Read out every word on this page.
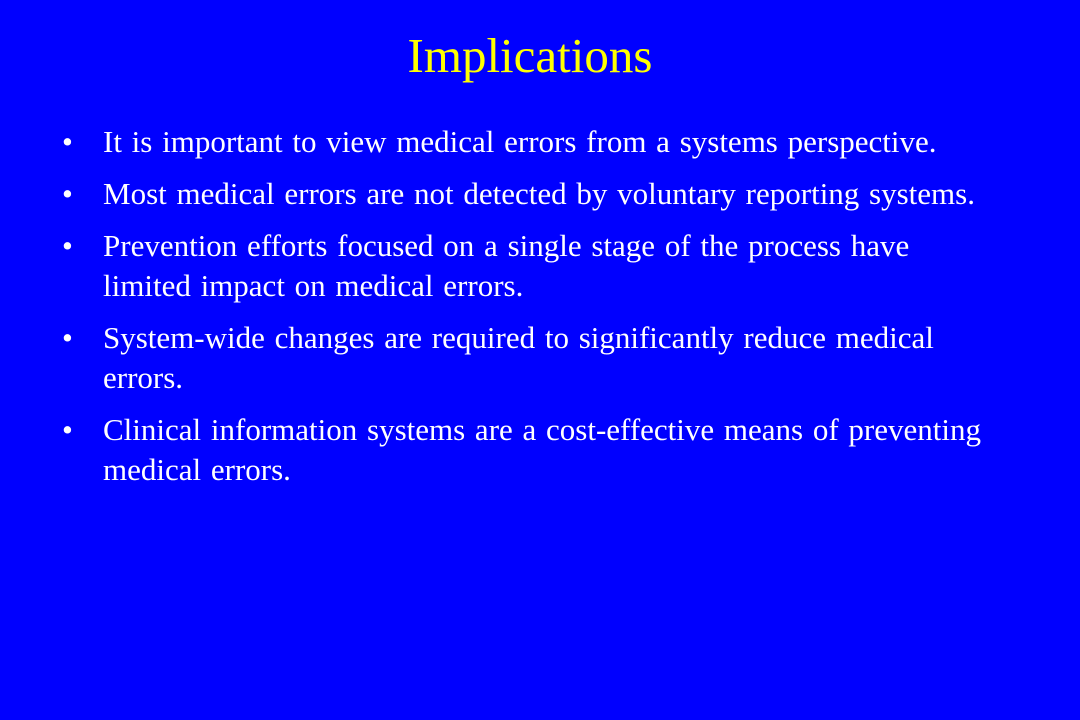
Implications
• It is important to view medical errors from a systems perspective.
• Most medical errors are not detected by voluntary reporting systems.
• Prevention efforts focused on a single stage of the process have limited impact on medical errors.
• System-wide changes are required to significantly reduce medical errors.
• Clinical information systems are a cost-effective means of preventing medical errors.
